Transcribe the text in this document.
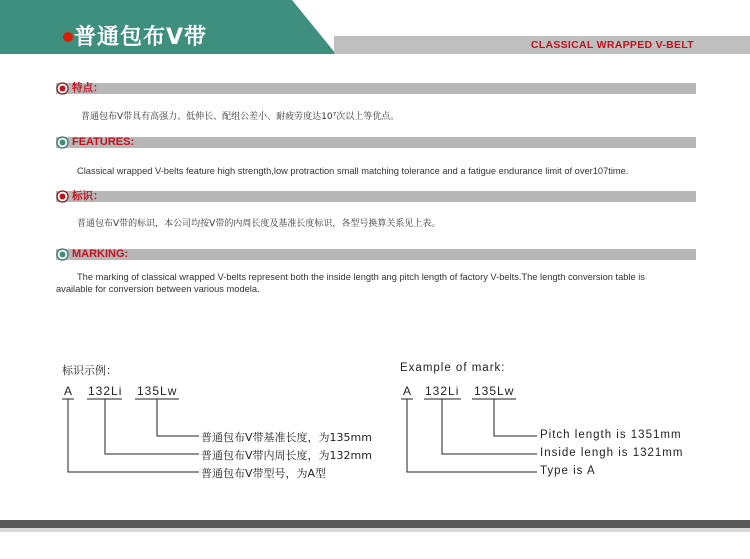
普通包布V带	CLASSICAL WRAPPED V-BELT
特点：
普通包布V带具有高强力、低伸长、配组公差小、耐疲劳度达10⁷次以上等优点。
FEATURES:
Classical wrapped V-belts feature high strength,low protraction small matching tolerance and a fatigue endurance limit of over107time.
标识：
普通包布V带的标识，本公司均按V带的内周长度及基准长度标识，各型号换算关系见上表。
MARKING:
The marking of classical wrapped V-belts represent both the inside length ang pitch length of factory V-belts.The length conversion table is
available for conversion between various modela.
标识示例：
A 132Li 135Lw
普通包布V带基准长度，为135mm
普通包布V带内周长度，为132mm
普通包布V带型号，为A型
Example of mark:
A 132Li 135Lw
Pitch length is 1351mm
Inside lengh is 1321mm
Type is A
